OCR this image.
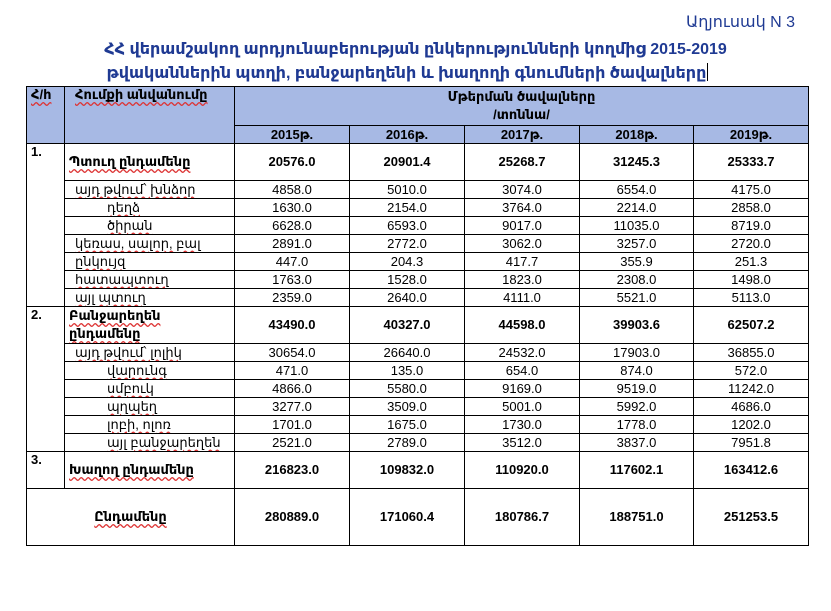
Աղյուսակ N 3
ՀՀ վերամշակող արդյունաբերության ընկերությունների կողմից 2015-2019
թվականներին պտղի, բանջարեղենի և խաղողի գնումների ծավալները
Հ/հ	Հումքի անվանումը	Մթերման ծավալները
/տոննա/				
		2015թ.	2016թ.	2017թ.	2018թ.	2019թ.
1.	Պտուղ ընդամենը	20576.0	20901.4	25268.7	31245.3	25333.7
	այդ թվում՝ խնձոր	4858.0	5010.0	3074.0	6554.0	4175.0
	դեղձ	1630.0	2154.0	3764.0	2214.0	2858.0
	ծիրան	6628.0	6593.0	9017.0	11035.0	8719.0
	կեռաս, սալոր, բալ	2891.0	2772.0	3062.0	3257.0	2720.0
	ընկույզ	447.0	204.3	417.7	355.9	251.3
	հատապտուղ	1763.0	1528.0	1823.0	2308.0	1498.0
	այլ պտուղ	2359.0	2640.0	4111.0	5521.0	5113.0
2.	Բանջարեղեն ընդամենը	43490.0	40327.0	44598.0	39903.6	62507.2
	այդ թվում՝ լոլիկ	30654.0	26640.0	24532.0	17903.0	36855.0
	վարունգ	471.0	135.0	654.0	874.0	572.0
	սմբուկ	4866.0	5580.0	9169.0	9519.0	11242.0
	պղպեղ	3277.0	3509.0	5001.0	5992.0	4686.0
	լոբի, ոլոռ	1701.0	1675.0	1730.0	1778.0	1202.0
	այլ բանջարեղեն	2521.0	2789.0	3512.0	3837.0	7951.8
3.	Խաղող ընդամենը	216823.0	109832.0	110920.0	117602.1	163412.6
Ընդամենը		280889.0	171060.4	180786.7	188751.0	251253.5
